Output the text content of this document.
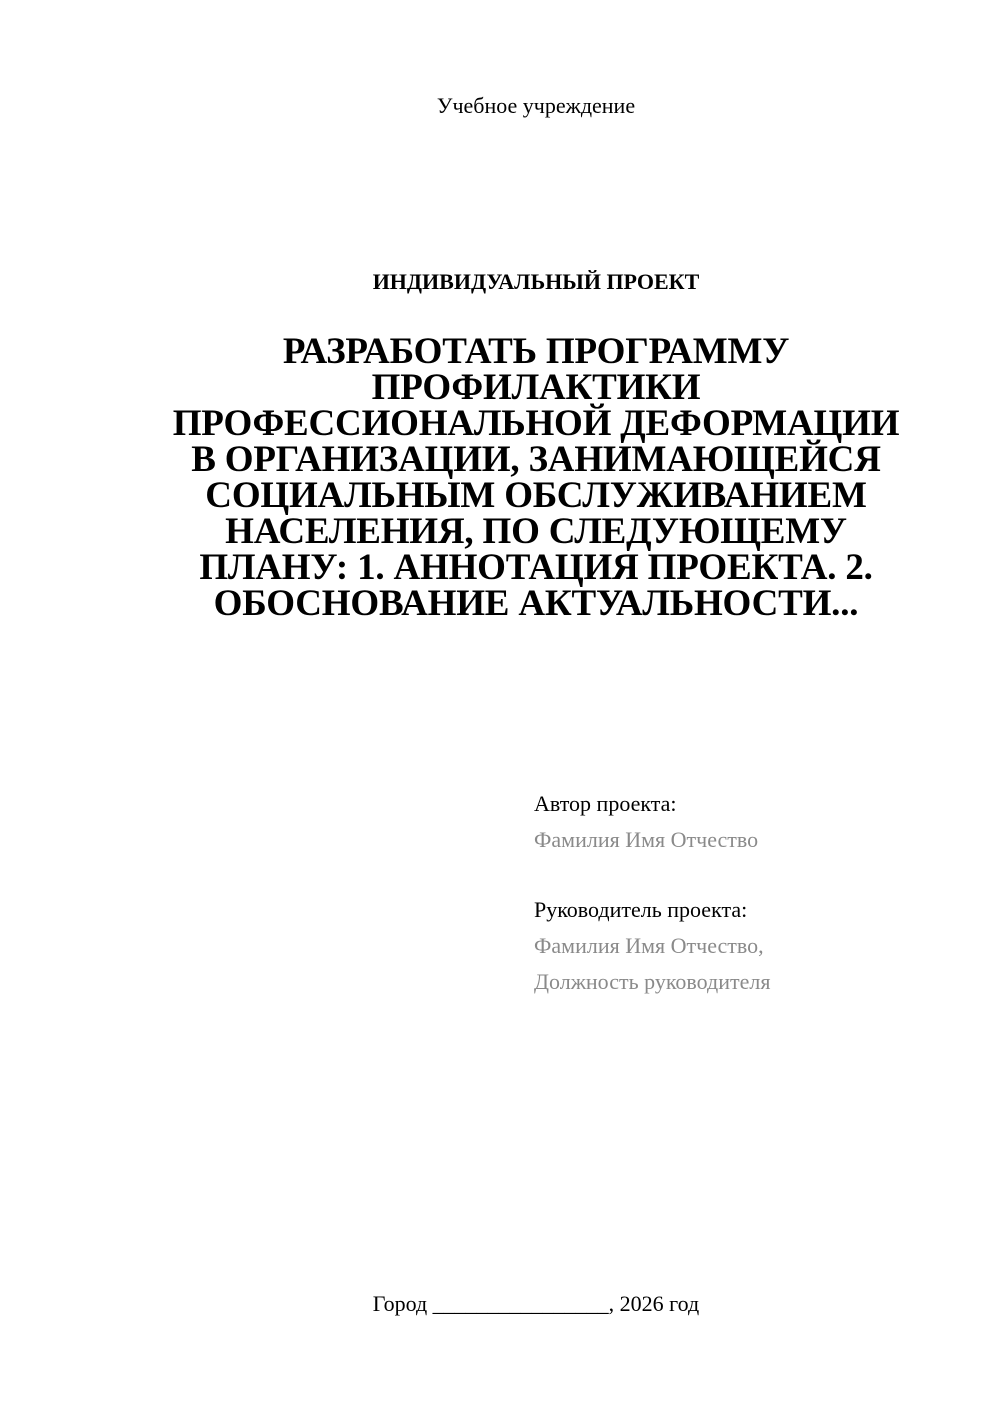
Учебное учреждение
ИНДИВИДУАЛЬНЫЙ ПРОЕКТ
РАЗРАБОТАТЬ ПРОГРАММУ
ПРОФИЛАКТИКИ
ПРОФЕССИОНАЛЬНОЙ ДЕФОРМАЦИИ
В ОРГАНИЗАЦИИ, ЗАНИМАЮЩЕЙСЯ
СОЦИАЛЬНЫМ ОБСЛУЖИВАНИЕМ
НАСЕЛЕНИЯ, ПО СЛЕДУЮЩЕМУ
ПЛАНУ: 1. АННОТАЦИЯ ПРОЕКТА. 2.
ОБОСНОВАНИЕ АКТУАЛЬНОСТИ...
Автор проекта:
Фамилия Имя Отчество
Руководитель проекта:
Фамилия Имя Отчество,
Должность руководителя
Город ________________, 2026 год
